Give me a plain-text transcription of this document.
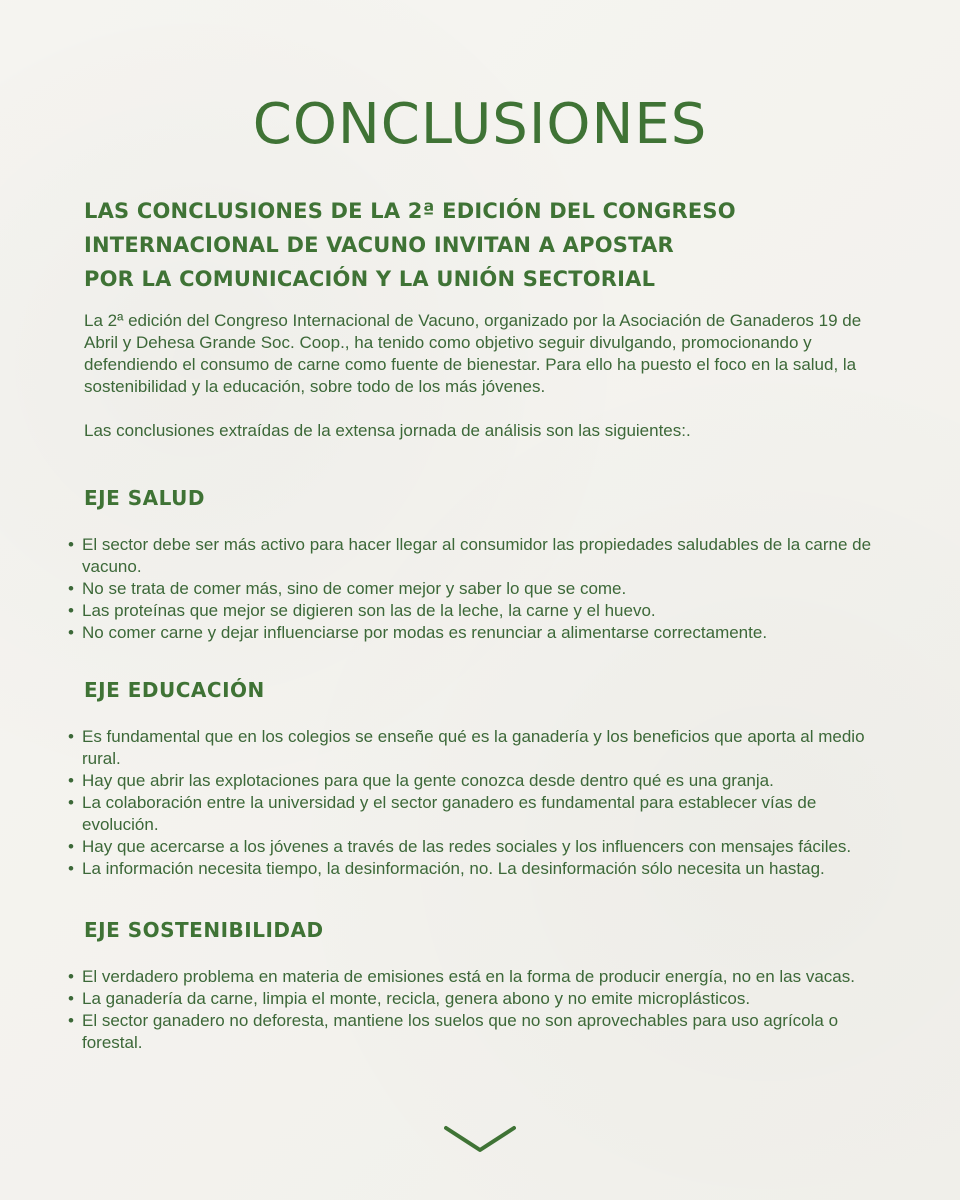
CONCLUSIONES
LAS CONCLUSIONES DE LA 2ª EDICIÓN DEL CONGRESO
INTERNACIONAL DE VACUNO INVITAN A APOSTAR
POR LA COMUNICACIÓN Y LA UNIÓN SECTORIAL

La 2ª edición del Congreso Internacional de Vacuno, organizado por la Asociación de Ganaderos 19 de Abril y Dehesa Grande Soc. Coop., ha tenido como objetivo seguir divulgando, promocionando y defendiendo el consumo de carne como fuente de bienestar. Para ello ha puesto el foco en la salud, la sostenibilidad y la educación, sobre todo de los más jóvenes.

Las conclusiones extraídas de la extensa jornada de análisis son las siguientes:.

EJE SALUD
• El sector debe ser más activo para hacer llegar al consumidor las propiedades saludables de la carne de vacuno.
• No se trata de comer más, sino de comer mejor y saber lo que se come.
• Las proteínas que mejor se digieren son las de la leche, la carne y el huevo.
• No comer carne y dejar influenciarse por modas es renunciar a alimentarse correctamente.
EJE EDUCACIÓN
• Es fundamental que en los colegios se enseñe qué es la ganadería y los beneficios que aporta al medio rural.
• Hay que abrir las explotaciones para que la gente conozca desde dentro qué es una granja.
• La colaboración entre la universidad y el sector ganadero es fundamental para establecer vías de evolución.
• Hay que acercarse a los jóvenes a través de las redes sociales y los influencers con mensajes fáciles.
• La información necesita tiempo, la desinformación, no. La desinformación sólo necesita un hastag.
EJE SOSTENIBILIDAD
• El verdadero problema en materia de emisiones está en la forma de producir energía, no en las vacas.
• La ganadería da carne, limpia el monte, recicla, genera abono y no emite microplásticos.
• El sector ganadero no deforesta, mantiene los suelos que no son aprovechables para uso agrícola o forestal.
